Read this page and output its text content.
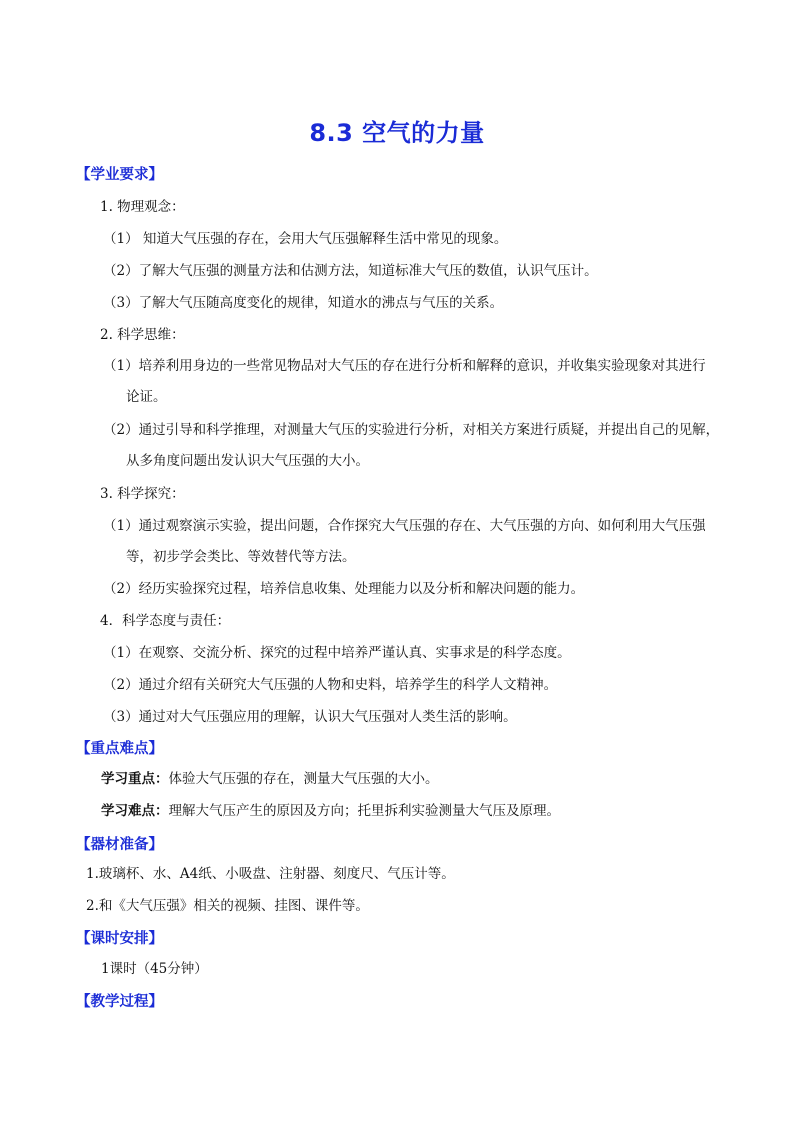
8.3 空气的力量
【学业要求】
1. 物理观念：
（1） 知道大气压强的存在，会用大气压强解释生活中常见的现象。
（2）了解大气压强的测量方法和估测方法，知道标准大气压的数值，认识气压计。
（3）了解大气压随高度变化的规律，知道水的沸点与气压的关系。
2. 科学思维：
（1）培养利用身边的一些常见物品对大气压的存在进行分析和解释的意识，并收集实验现象对其进行
论证。
（2）通过引导和科学推理，对测量大气压的实验进行分析，对相关方案进行质疑，并提出自己的见解，
从多角度问题出发认识大气压强的大小。
3. 科学探究：
（1）通过观察演示实验，提出问题，合作探究大气压强的存在、大气压强的方向、如何利用大气压强
等，初步学会类比、等效替代等方法。
（2）经历实验探究过程，培养信息收集、处理能力以及分析和解决问题的能力。
4．科学态度与责任：
（1）在观察、交流分析、探究的过程中培养严谨认真、实事求是的科学态度。
（2）通过介绍有关研究大气压强的人物和史料，培养学生的科学人文精神。
（3）通过对大气压强应用的理解，认识大气压强对人类生活的影响。
【重点难点】
学习重点：体验大气压强的存在，测量大气压强的大小。
学习难点：理解大气压产生的原因及方向；托里拆利实验测量大气压及原理。
【器材准备】
1.玻璃杯、水、A4纸、小吸盘、注射器、刻度尺、气压计等。
2.和《大气压强》相关的视频、挂图、课件等。
【课时安排】
1课时（45分钟）
【教学过程】
